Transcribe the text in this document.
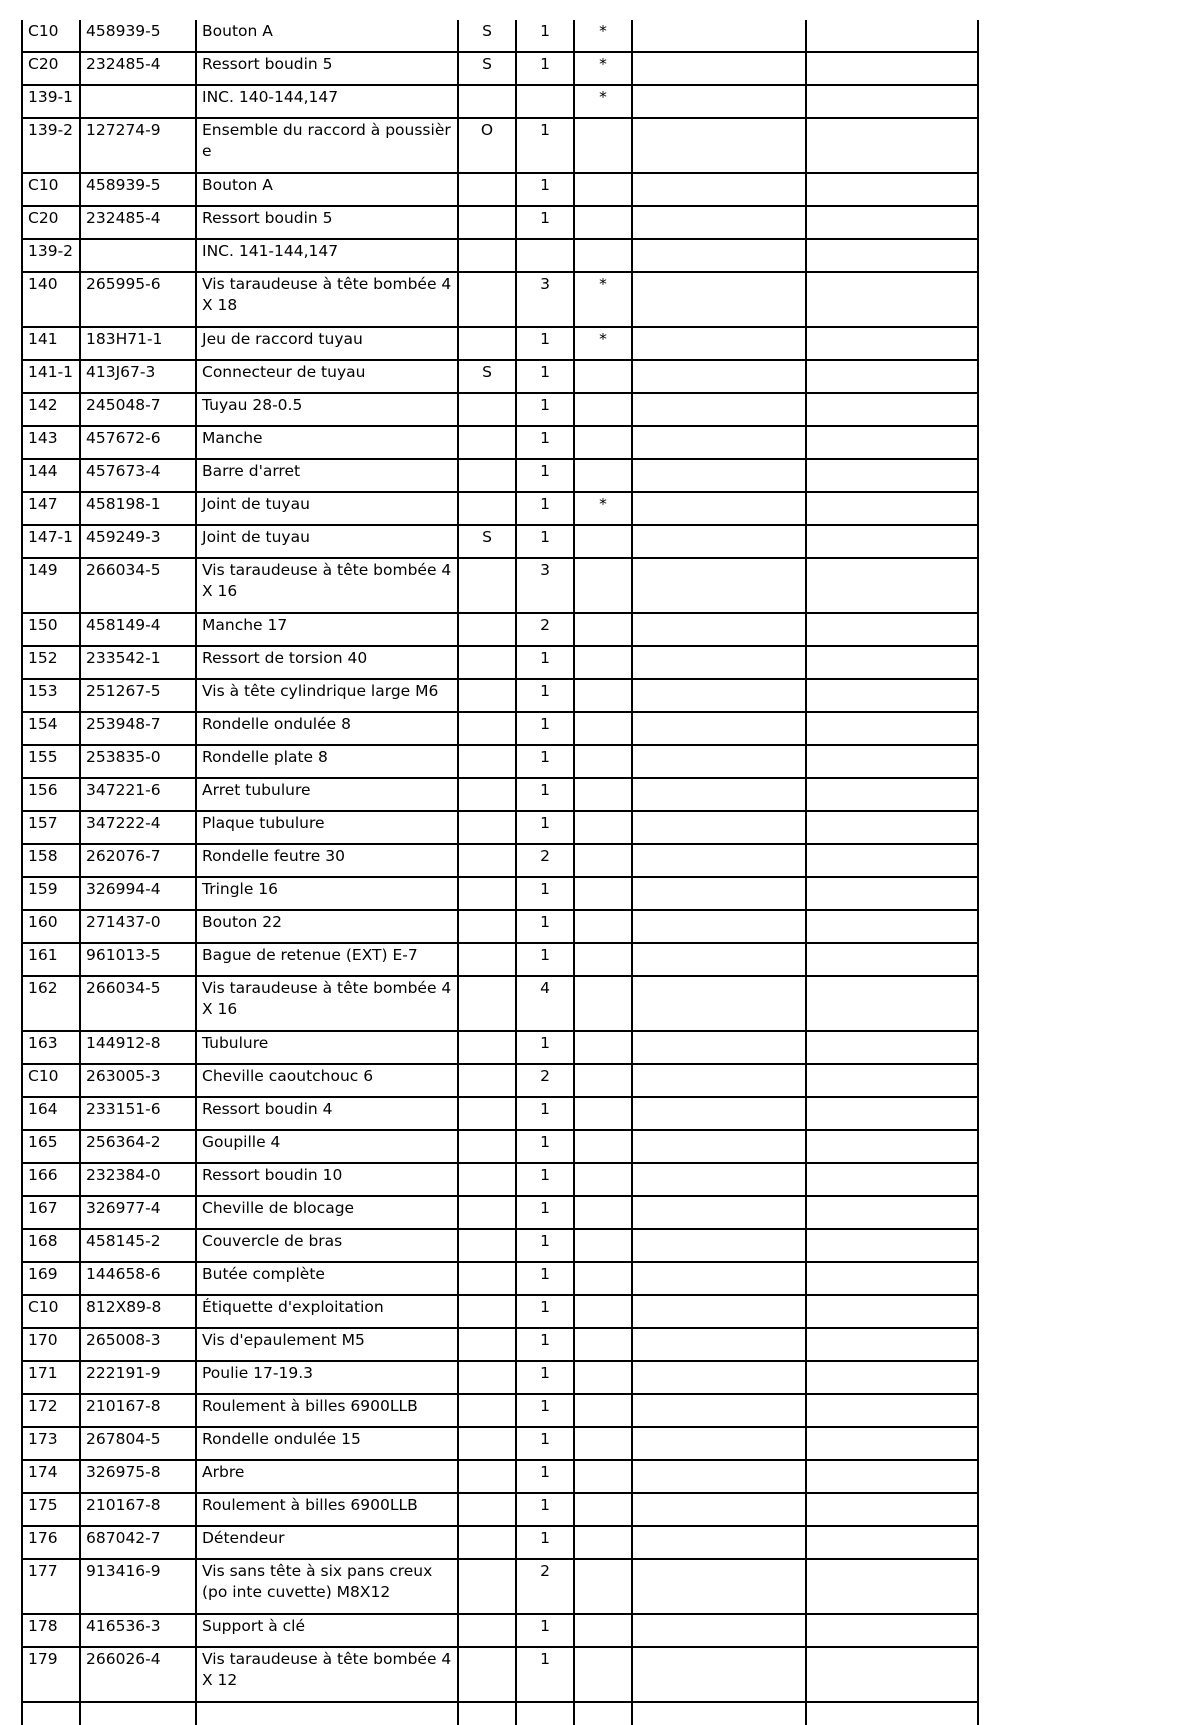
C10	458939-5	Bouton A	S	1	*		
C20	232485-4	Ressort boudin 5	S	1	*		
139-1		INC. 140-144,147			*		
139-2	127274-9	Ensemble du raccord à poussièr e	O	1			
C10	458939-5	Bouton A		1			
C20	232485-4	Ressort boudin 5		1			
139-2		INC. 141-144,147					
140	265995-6	Vis taraudeuse à tête bombée 4X 18		3	*		
141	183H71-1	Jeu de raccord tuyau		1	*		
141-1	413J67-3	Connecteur de tuyau	S	1			
142	245048-7	Tuyau 28-0.5		1			
143	457672-6	Manche		1			
144	457673-4	Barre d'arret		1			
147	458198-1	Joint de tuyau		1	*		
147-1	459249-3	Joint de tuyau	S	1			
149	266034-5	Vis taraudeuse à tête bombée 4X 16		3			
150	458149-4	Manche 17		2			
152	233542-1	Ressort de torsion 40		1			
153	251267-5	Vis à tête cylindrique large M6		1			
154	253948-7	Rondelle ondulée 8		1			
155	253835-0	Rondelle plate 8		1			
156	347221-6	Arret tubulure		1			
157	347222-4	Plaque tubulure		1			
158	262076-7	Rondelle feutre 30		2			
159	326994-4	Tringle 16		1			
160	271437-0	Bouton 22		1			
161	961013-5	Bague de retenue (EXT) E-7		1			
162	266034-5	Vis taraudeuse à tête bombée 4X 16		4			
163	144912-8	Tubulure		1			
C10	263005-3	Cheville caoutchouc 6		2			
164	233151-6	Ressort boudin 4		1			
165	256364-2	Goupille 4		1			
166	232384-0	Ressort boudin 10		1			
167	326977-4	Cheville de blocage		1			
168	458145-2	Couvercle de bras		1			
169	144658-6	Butée complète		1			
C10	812X89-8	Étiquette d'exploitation		1			
170	265008-3	Vis d'epaulement M5		1			
171	222191-9	Poulie 17-19.3		1			
172	210167-8	Roulement à billes 6900LLB		1			
173	267804-5	Rondelle ondulée 15		1			
174	326975-8	Arbre		1			
175	210167-8	Roulement à billes 6900LLB		1			
176	687042-7	Détendeur		1			
177	913416-9	Vis sans tête à six pans creux (po inte cuvette) M8X12		2			
178	416536-3	Support à clé		1			
179	266026-4	Vis taraudeuse à tête bombée 4X 12		1			
